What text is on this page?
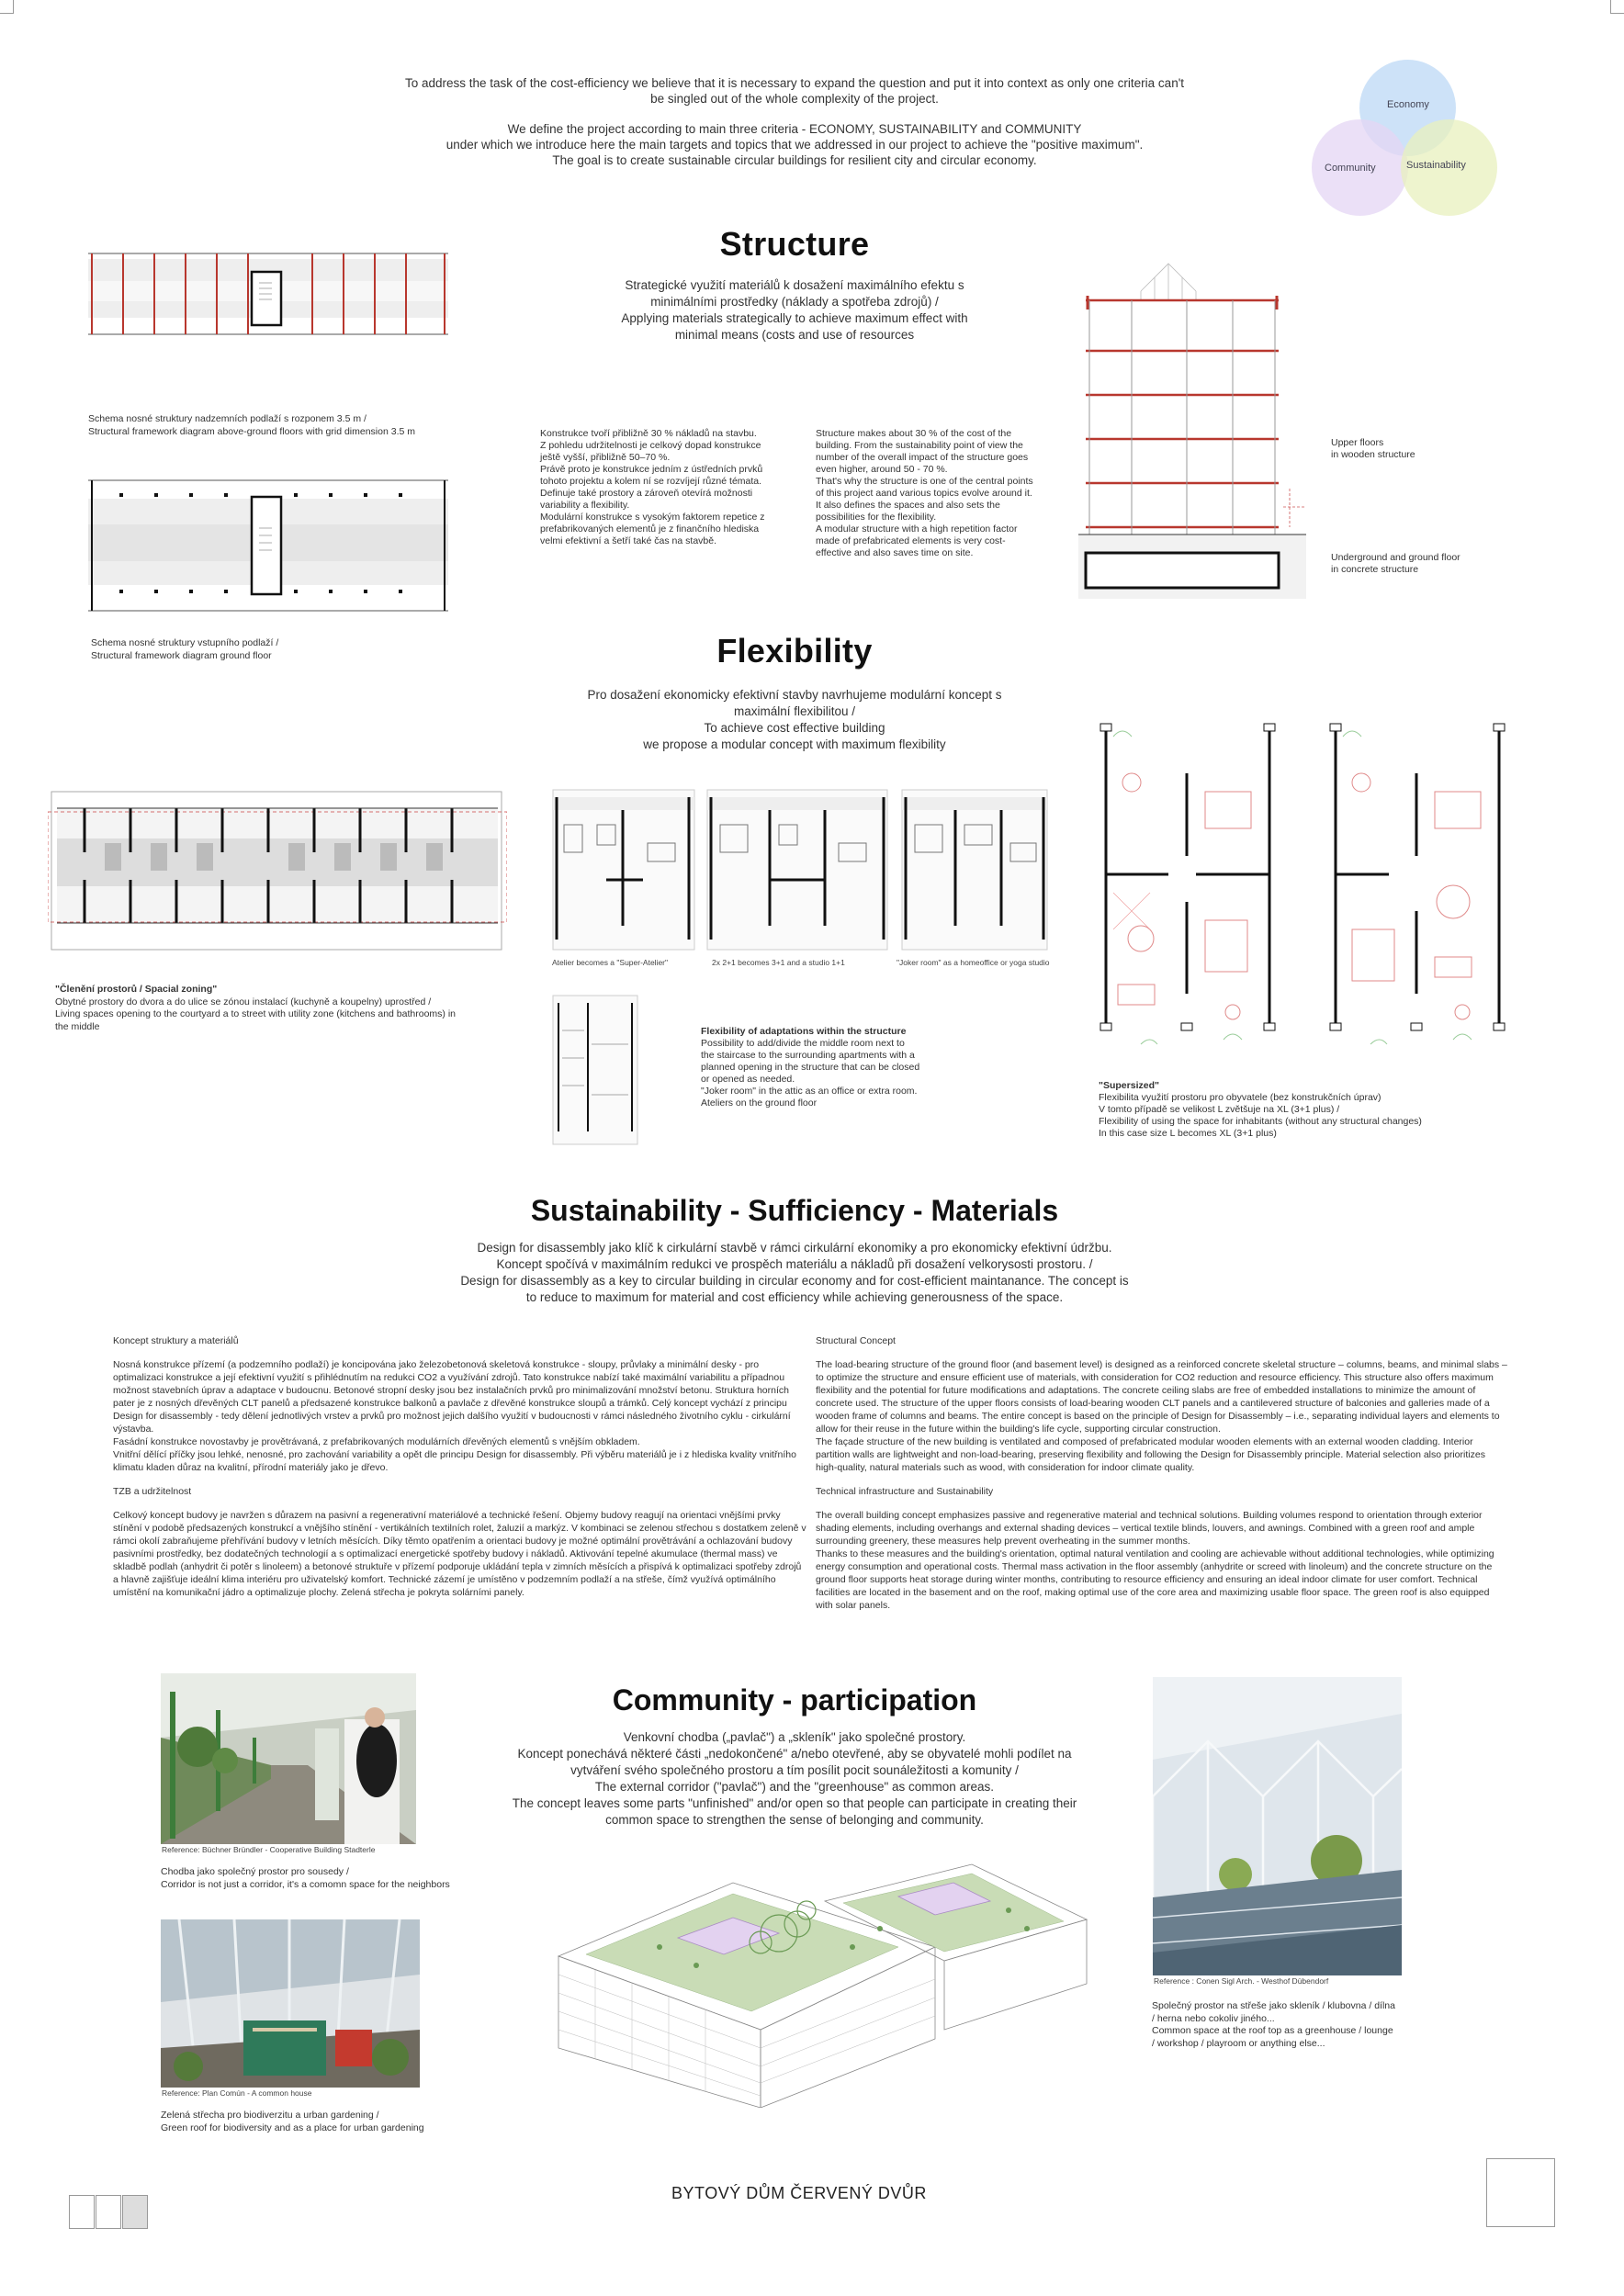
To address the task of the cost-efficiency we believe that it is necessary to expand the question and put it into context as only one criteria can't
be singled out of the whole complexity of the project.
We define the project according to main three criteria - ECONOMY, SUSTAINABILITY and COMMUNITY
under which we introduce here the main targets and topics that we addressed in our project to achieve the "positive maximum".
The goal is to create sustainable circular buildings for resilient city and circular economy.
Economy
Community	Sustainability
Structure
Strategické využití materiálů k dosažení maximálního efektu s
minimálními prostředky (náklady a spotřeba zdrojů) /
Applying materials strategically to achieve maximum effect with
minimal means (costs and use of resources
Schema nosné struktury nadzemních podlaží s rozponem 3.5 m /
Structural framework diagram above-ground floors with grid dimension 3.5 m
Schema nosné struktury vstupního podlaží /
Structural framework diagram ground floor
Konstrukce tvoří přibližně 30 % nákladů na stavbu.
Z pohledu udržitelnosti je celkový dopad konstrukce
ještě vyšší, přibližně 50–70 %.
Právě proto je konstrukce jedním z ústředních prvků
tohoto projektu a kolem ní se rozvíjejí různé témata.
Definuje také prostory a zároveň otevírá možnosti
variability a flexibility.
Modulární konstrukce s vysokým faktorem repetice z
prefabrikovaných elementů je z finančního hlediska
velmi efektivní a šetří také čas na stavbě.
Structure makes about 30 % of the cost of the
building. From the sustainability point of view the
number of the overall impact of the structure goes
even higher, around 50 - 70 %.
That's why the structure is one of the central points
of this project aand various topics evolve around it.
It also defines the spaces and also sets the
possibilities for the flexibility.
A modular structure with a high repetition factor
made of prefabricated elements is very cost-
effective and also saves time on site.
Upper floors
in wooden structure
Underground and ground floor
in concrete structure
Flexibility
Pro dosažení ekonomicky efektivní stavby navrhujeme modulární koncept s
maximální flexibilitou /
To achieve cost effective building
we propose a modular concept with maximum flexibility
"Členění prostorů / Spacial zoning"
Obytné prostory do dvora a do ulice se zónou instalací (kuchyně a koupelny) uprostřed /
Living spaces opening to the courtyard a to street with utility zone (kitchens and bathrooms) in
the middle
Atelier becomes a "Super-Atelier"	2x 2+1 becomes 3+1 and a studio 1+1	"Joker room" as a homeoffice or yoga studio
Flexibility of adaptations within the structure
Possibility to add/divide the middle room next to
the staircase to the surrounding apartments with a
planned opening in the structure that can be closed
or opened as needed.
"Joker room" in the attic as an office or extra room.
Ateliers on the ground floor
"Supersized"
Flexibilita využití prostoru pro obyvatele (bez konstrukčních úprav)
V tomto případě se velikost L zvětšuje na XL (3+1 plus) /
Flexibility of using the space for inhabitants (without any structural changes)
In this case size L becomes XL (3+1 plus)
Sustainability - Sufficiency - Materials
Design for disassembly jako klíč k cirkulární stavbě v rámci cirkulární ekonomiky a pro ekonomicky efektivní údržbu.
Koncept spočívá v maximálním redukci ve prospěch materiálu a nákladů při dosažení velkorysosti prostoru. /
Design for disassembly as a key to circular building in circular economy and for cost-efficient maintanance. The concept is
to reduce to maximum for material and cost efficiency while achieving generousness of the space.
Koncept struktury a materiálů
Nosná konstrukce přízemí (a podzemního podlaží) je koncipována jako železobetonová skeletová konstrukce - sloupy, průvlaky a minimální desky - pro optimalizaci konstrukce a její efektivní využití s přihlédnutím na redukci CO2 a využívání zdrojů. Tato konstrukce nabízí také maximální variabilitu a případnou možnost stavebních úprav a adaptace v budoucnu. Betonové stropní desky jsou bez instalačních prvků pro minimalizování množství betonu. Struktura horních pater je z nosných dřevěných CLT panelů a předsazené konstrukce balkonů a pavlače z dřevěné konstrukce sloupů a trámků. Celý koncept vychází z principu Design for disassembly - tedy dělení jednotlivých vrstev a prvků pro možnost jejich dalšího využití v budoucnosti v rámci následného životního cyklu - cirkulární výstavba.
Fasádní konstrukce novostavby je provětrávaná, z prefabrikovaných modulárních dřevěných elementů s vnějším obkladem.
Vnitřní dělící příčky jsou lehké, nenosné, pro zachování variability a opět dle principu Design for disassembly. Při výběru materiálů je i z hlediska kvality vnitřního klimatu kladen důraz na kvalitní, přírodní materiály jako je dřevo.
TZB a udržitelnost
Celkový koncept budovy je navržen s důrazem na pasivní a regenerativní materiálové a technické řešení. Objemy budovy reagují na orientaci vnějšími prvky stínění v podobě předsazených konstrukcí a vnějšího stínění - vertikálních textilních rolet, žaluzií a markýz. V kombinaci se zelenou střechou s dostatkem zeleně v rámci okolí zabraňujeme přehřívání budovy v letních měsících. Díky těmto opatřením a orientaci budovy je možné optimální provětrávání a ochlazování budovy pasivními prostředky, bez dodatečných technologií a s optimalizací energetické spotřeby budovy i nákladů. Aktivování tepelné akumulace (thermal mass) ve skladbě podlah (anhydrit či potěr s linoleem) a betonové struktuře v přízemí podporuje ukládání tepla v zimních měsících a přispívá k optimalizaci spotřeby zdrojů a hlavně zajišťuje ideální klima interiéru pro uživatelský komfort. Technické zázemí je umístěno v podzemním podlaží a na střeše, čímž využívá optimálního umístění na komunikační jádro a optimalizuje plochy. Zelená střecha je pokryta solárními panely.
Structural Concept
The load-bearing structure of the ground floor (and basement level) is designed as a reinforced concrete skeletal structure – columns, beams, and minimal slabs – to optimize the structure and ensure efficient use of materials, with consideration for CO2 reduction and resource efficiency. This structure also offers maximum flexibility and the potential for future modifications and adaptations. The concrete ceiling slabs are free of embedded installations to minimize the amount of concrete used. The structure of the upper floors consists of load-bearing wooden CLT panels and a cantilevered structure of balconies and galleries made of a wooden frame of columns and beams. The entire concept is based on the principle of Design for Disassembly – i.e., separating individual layers and elements to allow for their reuse in the future within the building's life cycle, supporting circular construction.
The façade structure of the new building is ventilated and composed of prefabricated modular wooden elements with an external wooden cladding. Interior partition walls are lightweight and non-load-bearing, preserving flexibility and following the Design for Disassembly principle. Material selection also prioritizes high-quality, natural materials such as wood, with consideration for indoor climate quality.
Technical infrastructure and Sustainability
The overall building concept emphasizes passive and regenerative material and technical solutions. Building volumes respond to orientation through exterior shading elements, including overhangs and external shading devices – vertical textile blinds, louvers, and awnings. Combined with a green roof and ample surrounding greenery, these measures help prevent overheating in the summer months.
Thanks to these measures and the building's orientation, optimal natural ventilation and cooling are achievable without additional technologies, while optimizing energy consumption and operational costs. Thermal mass activation in the floor assembly (anhydrite or screed with linoleum) and the concrete structure on the ground floor supports heat storage during winter months, contributing to resource efficiency and ensuring an ideal indoor climate for user comfort. Technical facilities are located in the basement and on the roof, making optimal use of the core area and maximizing usable floor space. The green roof is also equipped with solar panels.
Community - participation
Venkovní chodba („pavlač") a „skleník" jako společné prostory.
Koncept ponechává některé části „nedokončené" a/nebo otevřené, aby se obyvatelé mohli podílet na
vytváření svého společného prostoru a tím posílit pocit sounáležitosti a komunity /
The external corridor ("pavlač") and the "greenhouse" as common areas.
The concept leaves some parts "unfinished" and/or open so that people can participate in creating their
common space to strengthen the sense of belonging and community.
Reference: Büchner Bründler - Cooperative Building Stadterle
Chodba jako společný prostor pro sousedy /
Corridor is not just a corridor, it's a comomn space for the neighbors
Reference: Plan Común - A common house
Zelená střecha pro biodiverzitu a urban gardening /
Green roof for biodiversity and as a place for urban gardening
Reference : Conen Sigl Arch. - Westhof Dübendorf
Společný prostor na střeše jako skleník / klubovna / dílna
/ herna nebo cokoliv jiného...
Common space at the roof top as a greenhouse / lounge
/ workshop / playroom or anything else...
BYTOVÝ DŮM ČERVENÝ DVŮR
